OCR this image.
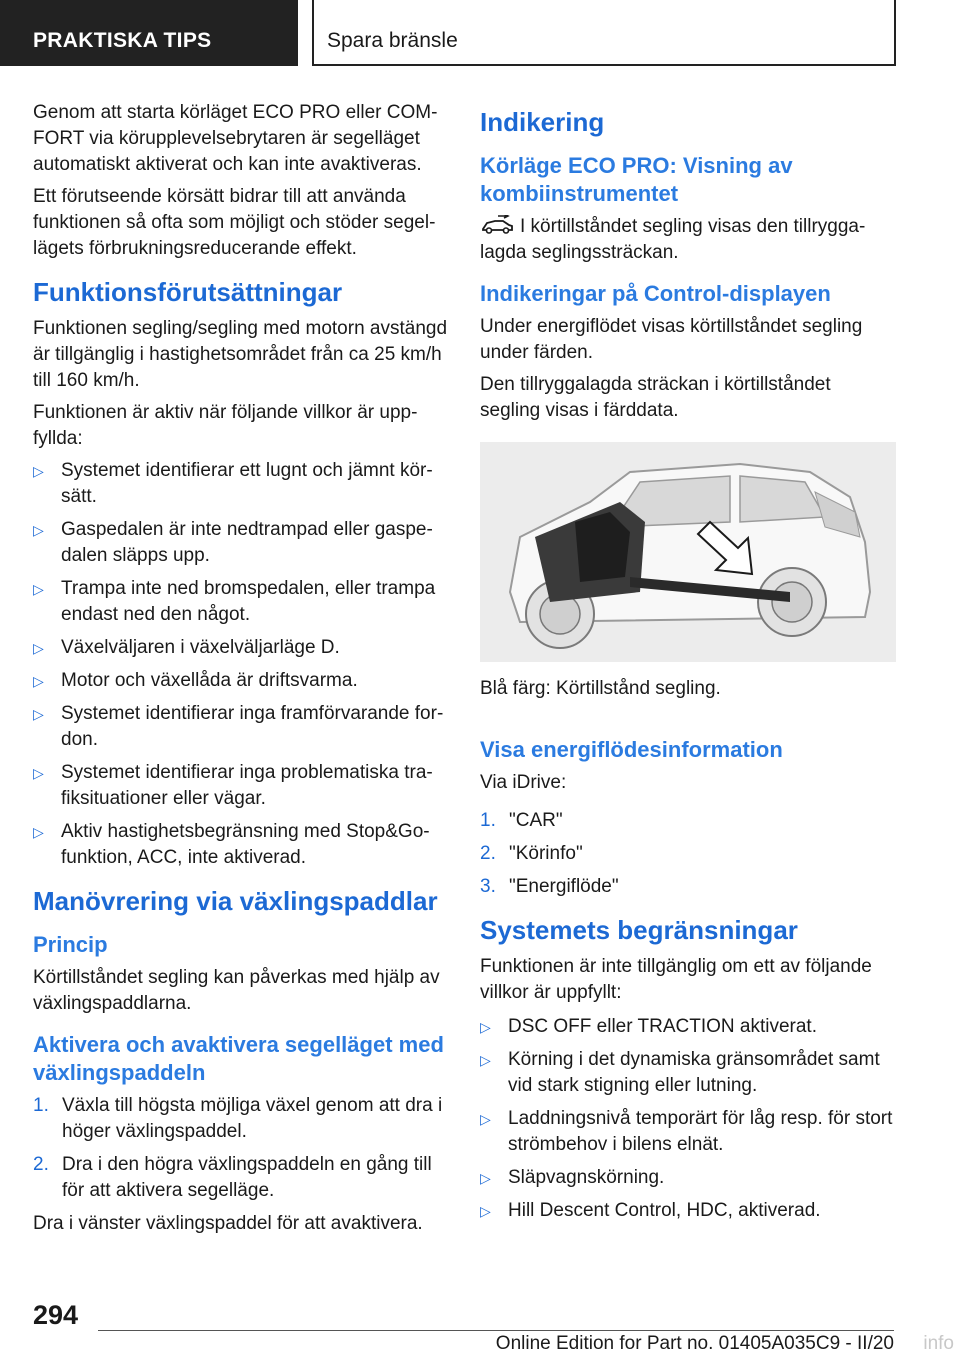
PRAKTISKA TIPS	Spara bränsle

Genom att starta körläget ECO PRO eller COMFORT via körupplevelsebrytaren är segelläget automatiskt aktiverat och kan inte avaktiveras.

Ett förutseende körsätt bidrar till att använda funktionen så ofta som möjligt och stöder segellägets förbrukningsreducerande effekt.

Funktionsförutsättningar

Funktionen segling/segling med motorn avstängd är tillgänglig i hastighetsområdet från ca 25 km/h till 160 km/h.

Funktionen är aktiv när följande villkor är uppfyllda:

▷ Systemet identifierar ett lugnt och jämnt körsätt.
▷ Gaspedalen är inte nedtrampad eller gaspedalen släpps upp.
▷ Trampa inte ned bromspedalen, eller trampa endast ned den något.
▷ Växelväljaren i växelväljarläge D.
▷ Motor och växellåda är driftsvarma.
▷ Systemet identifierar inga framförvarande fordon.
▷ Systemet identifierar inga problematiska trafiksituationer eller vägar.
▷ Aktiv hastighetsbegränsning med Stop&Go-funktion, ACC, inte aktiverad.
Manövrering via växlingspaddlar
Princip

Körtillståndet segling kan påverkas med hjälp av växlingspaddlarna.

Aktivera och avaktivera segelläget med växlingspaddeln
1. Växla till högsta möjliga växel genom att dra i höger växlingspaddel.
2. Dra i den högra växlingspaddeln en gång till för att aktivera segelläge.

Dra i vänster växlingspaddel för att avaktivera.

Indikering
Körläge ECO PRO: Visning av kombiinstrumentet

I körtillståndet segling visas den tillryggalagda seglingssträckan.

Indikeringar på Control-displayen

Under energiflödet visas körtillståndet segling under färden.

Den tillryggalagda sträckan i körtillståndet segling visas i färddata.

Blå färg: Körtillstånd segling.

Visa energiflödesinformation

Via iDrive:

1. "CAR"
2. "Körinfo"
3. "Energiflöde"
Systemets begränsningar

Funktionen är inte tillgänglig om ett av följande villkor är uppfyllt:

▷ DSC OFF eller TRACTION aktiverat.
▷ Körning i det dynamiska gränsområdet samt vid stark stigning eller lutning.
▷ Laddningsnivå temporärt för låg resp. för stort strömbehov i bilens elnät.
▷ Släpvagnskörning.
▷ Hill Descent Control, HDC, aktiverad.
294
Online Edition for Part no. 01405A035C9 - II/20 info
